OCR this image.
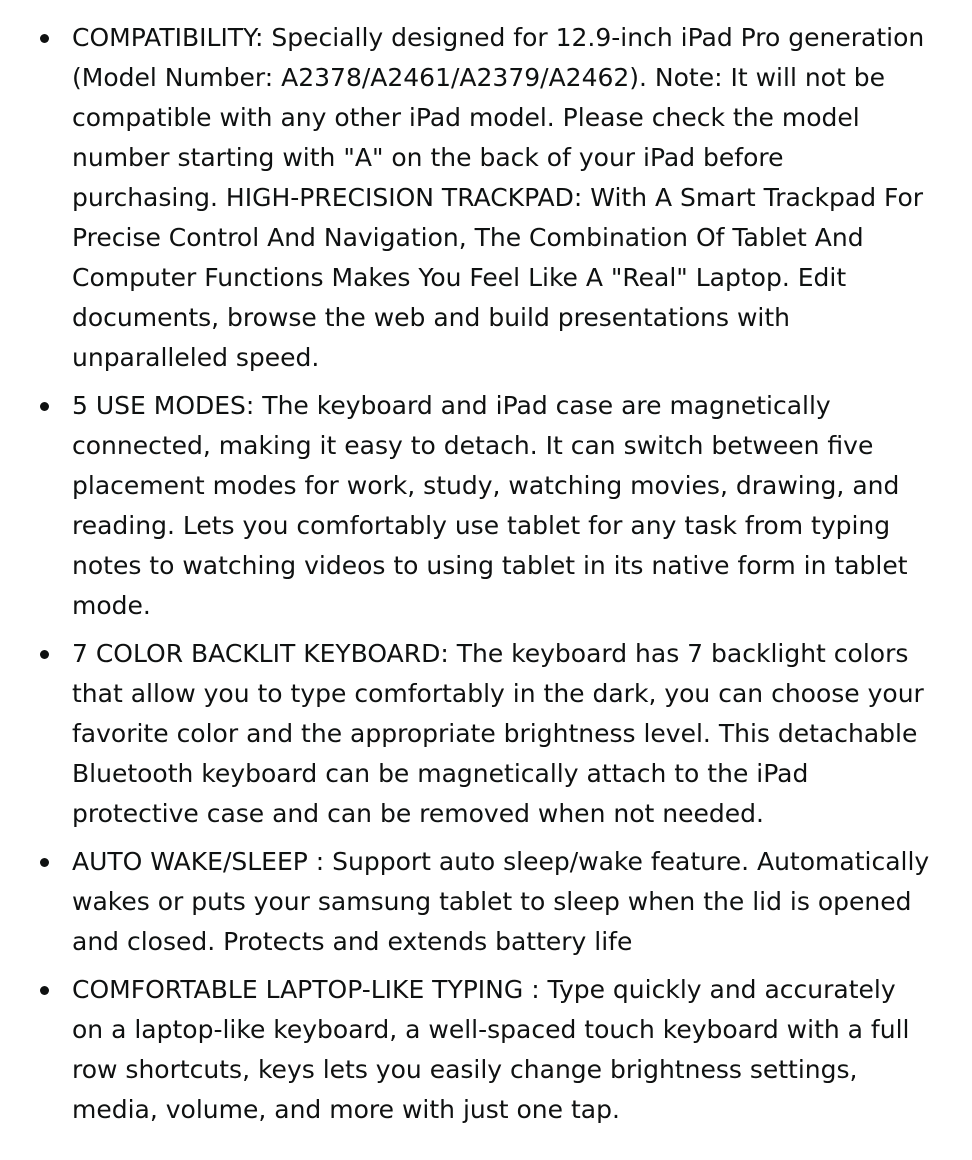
COMPATIBILITY: Specially designed for 12.9-inch iPad Pro generation (Model Number: A2378/A2461/A2379/A2462). Note: It will not be compatible with any other iPad model. Please check the model number starting with "A" on the back of your iPad before purchasing. HIGH-PRECISION TRACKPAD: With A Smart Trackpad For Precise Control And Navigation, The Combination Of Tablet And Computer Functions Makes You Feel Like A "Real" Laptop. Edit documents, browse the web and build presentations with unparalleled speed.
5 USE MODES: The keyboard and iPad case are magnetically connected, making it easy to detach. It can switch between five placement modes for work, study, watching movies, drawing, and reading. Lets you comfortably use tablet for any task from typing notes to watching videos to using tablet in its native form in tablet mode.
7 COLOR BACKLIT KEYBOARD: The keyboard has 7 backlight colors that allow you to type comfortably in the dark, you can choose your favorite color and the appropriate brightness level. This detachable Bluetooth keyboard can be magnetically attach to the iPad protective case and can be removed when not needed.
AUTO WAKE/SLEEP : Support auto sleep/wake feature. Automatically wakes or puts your samsung tablet to sleep when the lid is opened and closed. Protects and extends battery life
COMFORTABLE LAPTOP-LIKE TYPING : Type quickly and accurately on a laptop-like keyboard, a well-spaced touch keyboard with a full row shortcuts, keys lets you easily change brightness settings, media, volume, and more with just one tap.
